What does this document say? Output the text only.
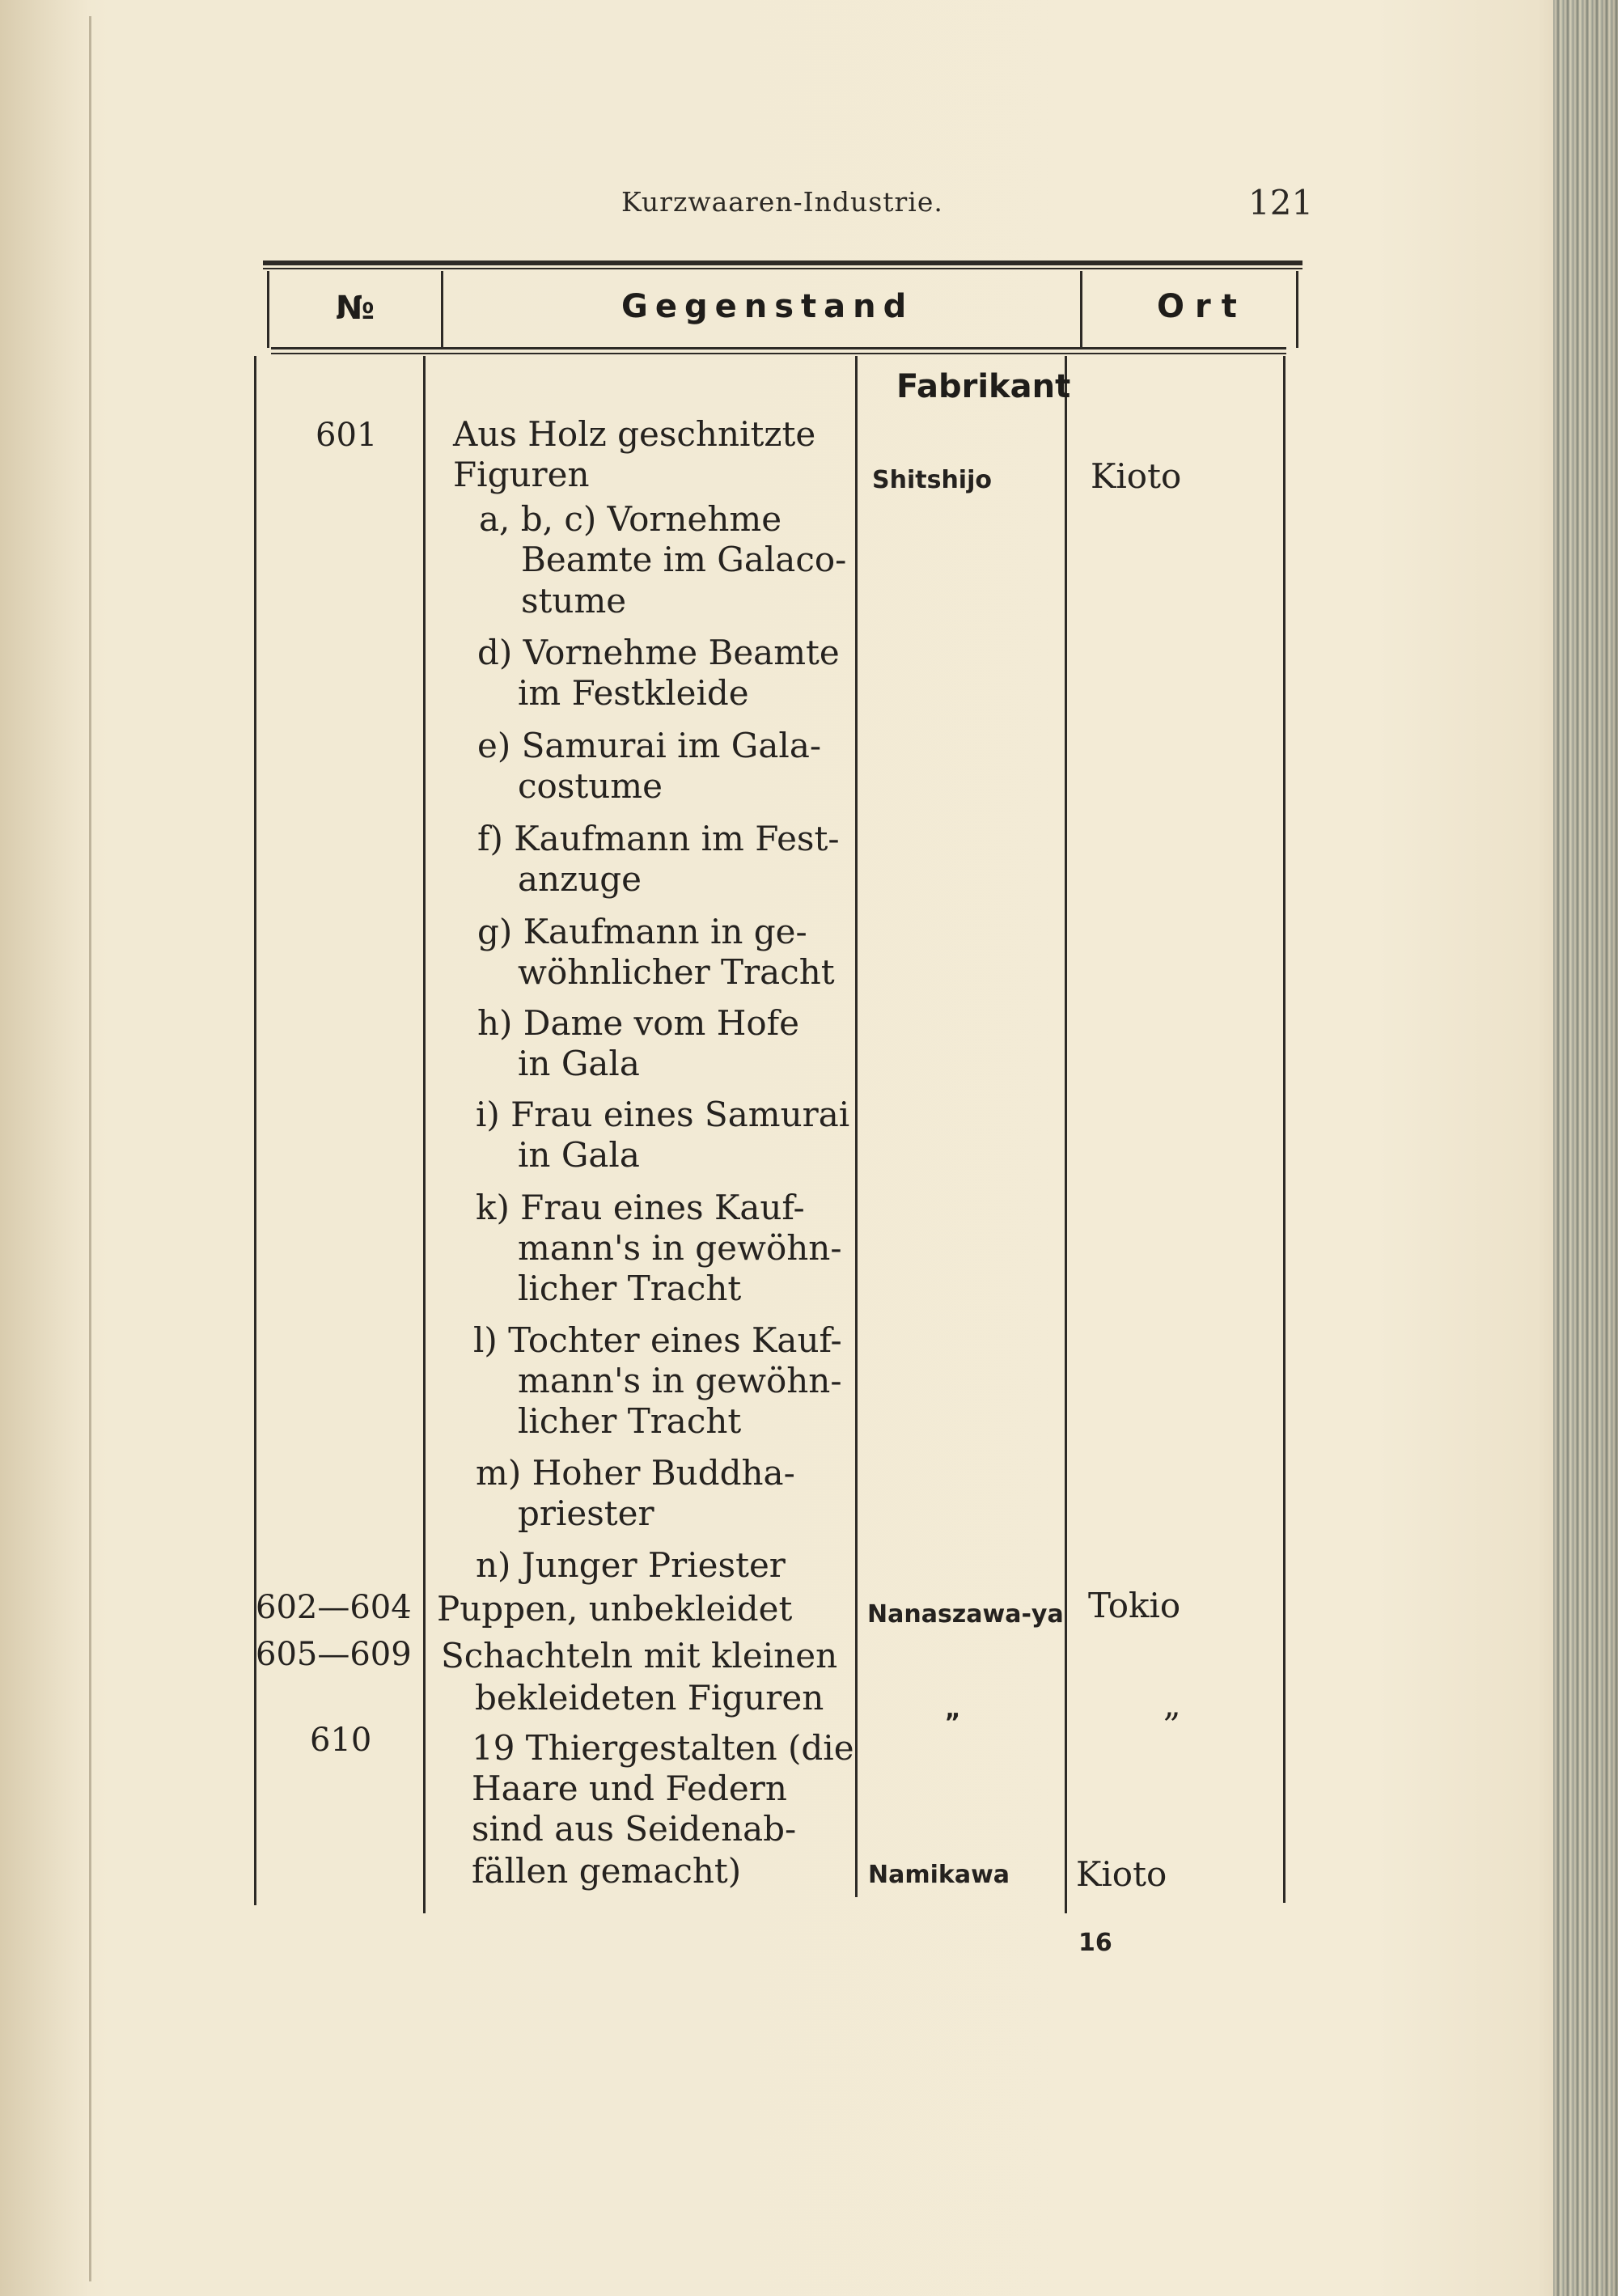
Kurzwaaren-Industrie.	121
№	Gegenstand	Ort
Fabrikant
601 Aus Holz geschnitzte
Figuren	Shitshijo	Kioto
a, b, c) Vornehme
Beamte im Galaco-
stume
d) Vornehme Beamte
im Festkleide
e) Samurai im Gala-
costume
f) Kaufmann im Fest-
anzuge
g) Kaufmann in ge-
wöhnlicher Tracht
h) Dame vom Hofe
in Gala
i) Frau eines Samurai
in Gala
k) Frau eines Kauf-
mann's in gewöhn-
licher Tracht
l) Tochter eines Kauf-
mann's in gewöhn-
licher Tracht
m) Hoher Buddha-
priester
n) Junger Priester
602—604 Puppen, unbekleidet	Nanaszawa-ya Tokio
605—609 Schachteln mit kleinen
bekleideten Figuren	„	„
610	19 Thiergestalten (die
Haare und Federn
sind aus Seidenab-
fällen gemacht)	Namikawa Kioto
16
